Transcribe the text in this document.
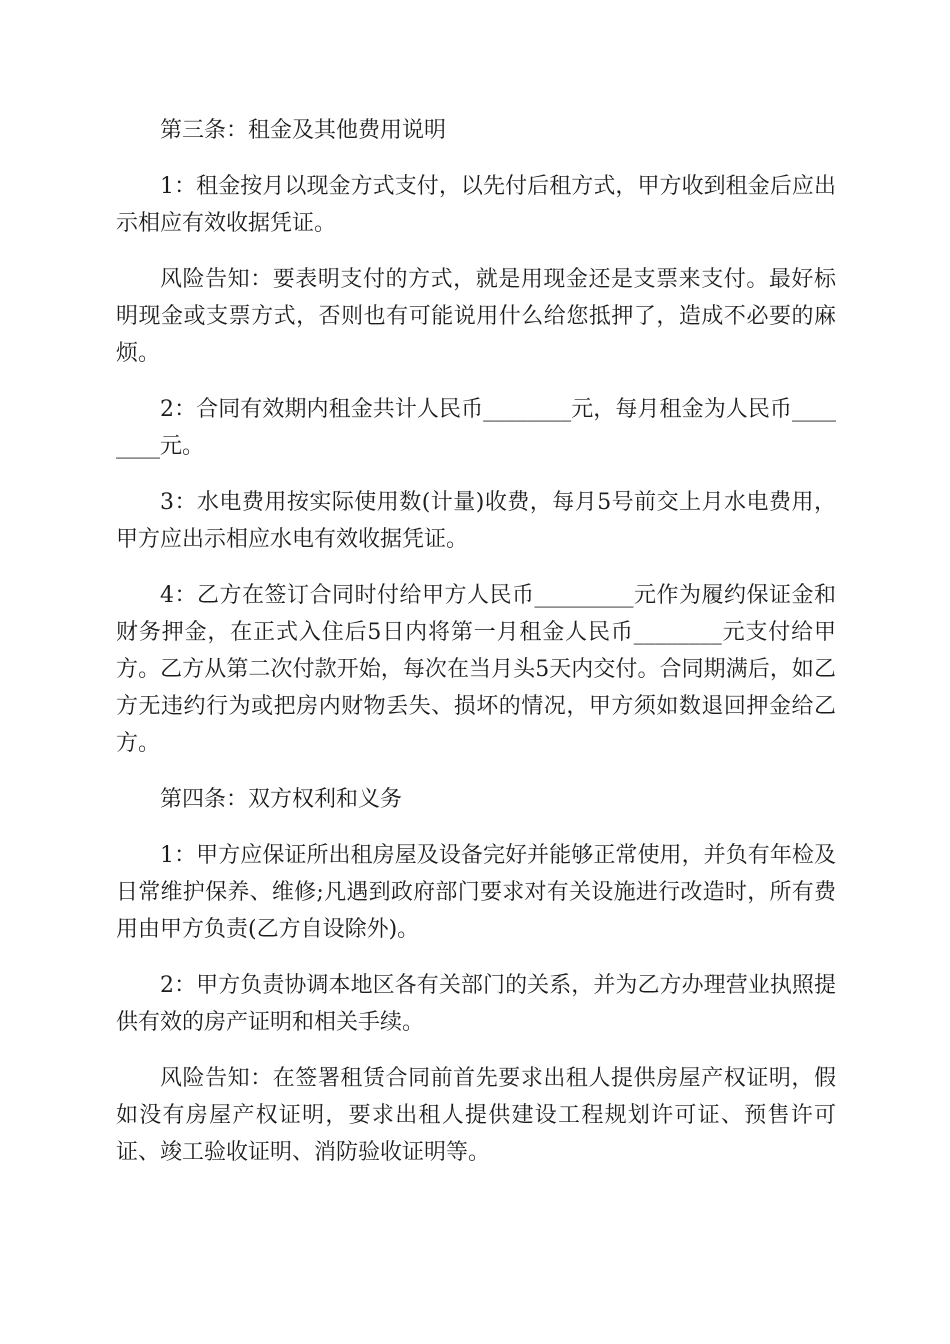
第三条：租金及其他费用说明

1：租金按月以现金方式支付，以先付后租方式，甲方收到租金后应出示相应有效收据凭证。

风险告知：要表明支付的方式，就是用现金还是支票来支付。最好标明现金或支票方式，否则也有可能说用什么给您抵押了，造成不必要的麻烦。

2：合同有效期内租金共计人民币________元，每月租金为人民币________元。

3：水电费用按实际使用数(计量)收费，每月5号前交上月水电费用，甲方应出示相应水电有效收据凭证。

4：乙方在签订合同时付给甲方人民币_________元作为履约保证金和财务押金，在正式入住后5日内将第一月租金人民币________元支付给甲方。乙方从第二次付款开始，每次在当月头5天内交付。合同期满后，如乙方无违约行为或把房内财物丢失、损坏的情况，甲方须如数退回押金给乙方。

第四条：双方权利和义务

1：甲方应保证所出租房屋及设备完好并能够正常使用，并负有年检及日常维护保养、维修;凡遇到政府部门要求对有关设施进行改造时，所有费用由甲方负责(乙方自设除外)。

2：甲方负责协调本地区各有关部门的关系，并为乙方办理营业执照提供有效的房产证明和相关手续。

风险告知：在签署租赁合同前首先要求出租人提供房屋产权证明，假如没有房屋产权证明，要求出租人提供建设工程规划许可证、预售许可证、竣工验收证明、消防验收证明等。
